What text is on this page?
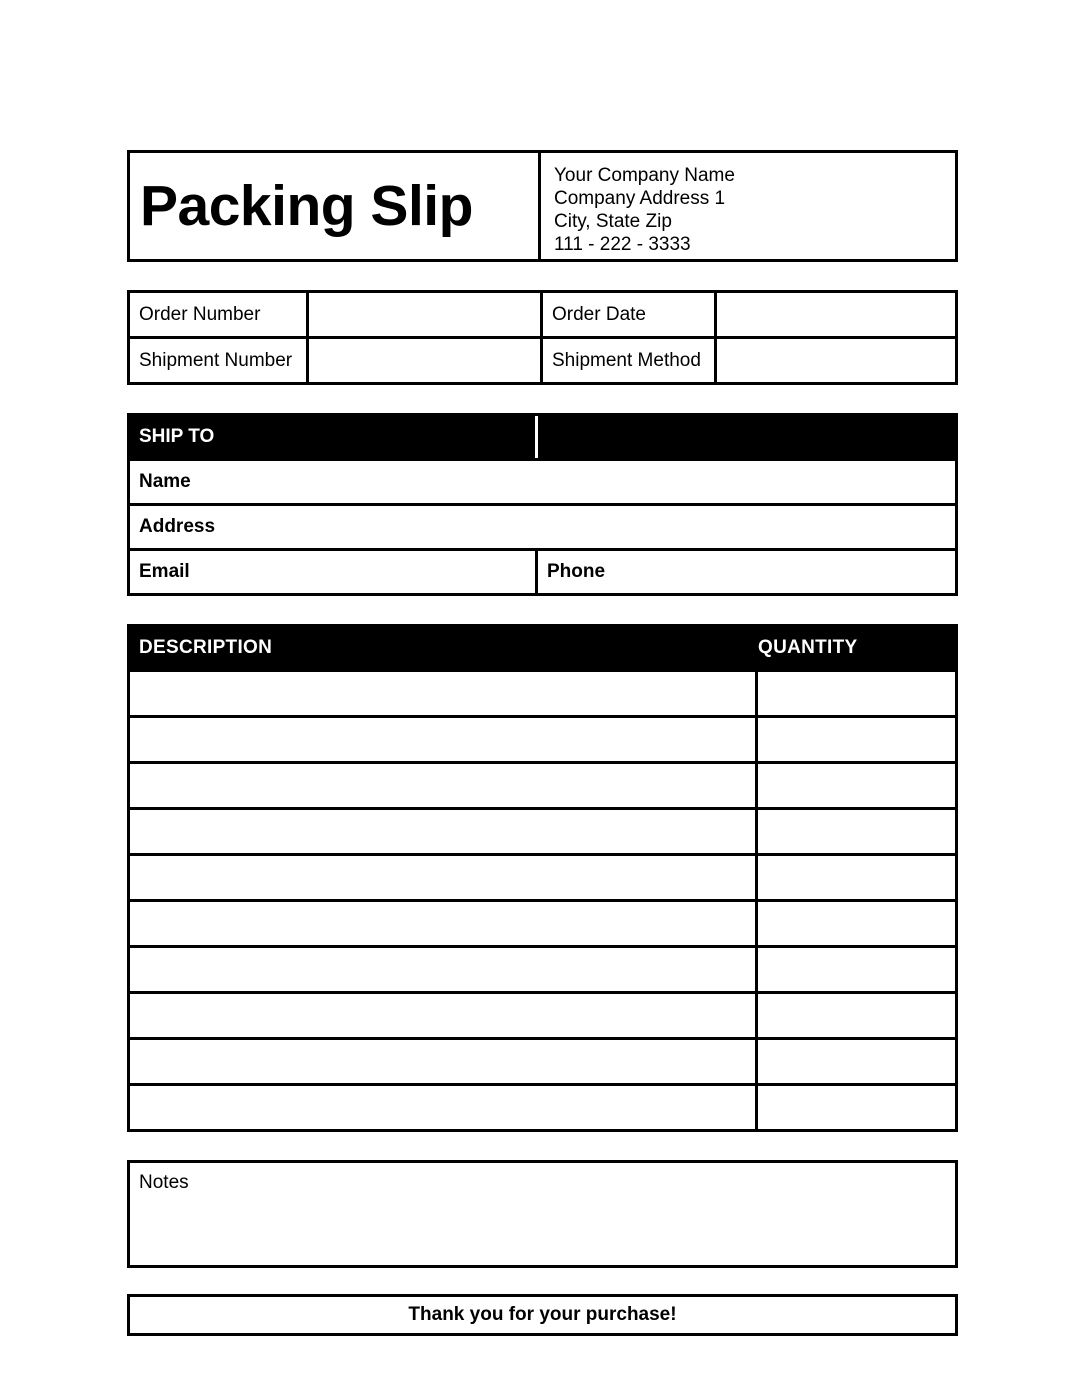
Packing Slip	Your Company Name
Company Address 1
City, State Zip
111 - 222 - 3333
Order Number	Order Date
Shipment Number	Shipment Method
SHIP TO
Name
Address
Email	Phone
DESCRIPTION	QUANTITY
Notes
Thank you for your purchase!
